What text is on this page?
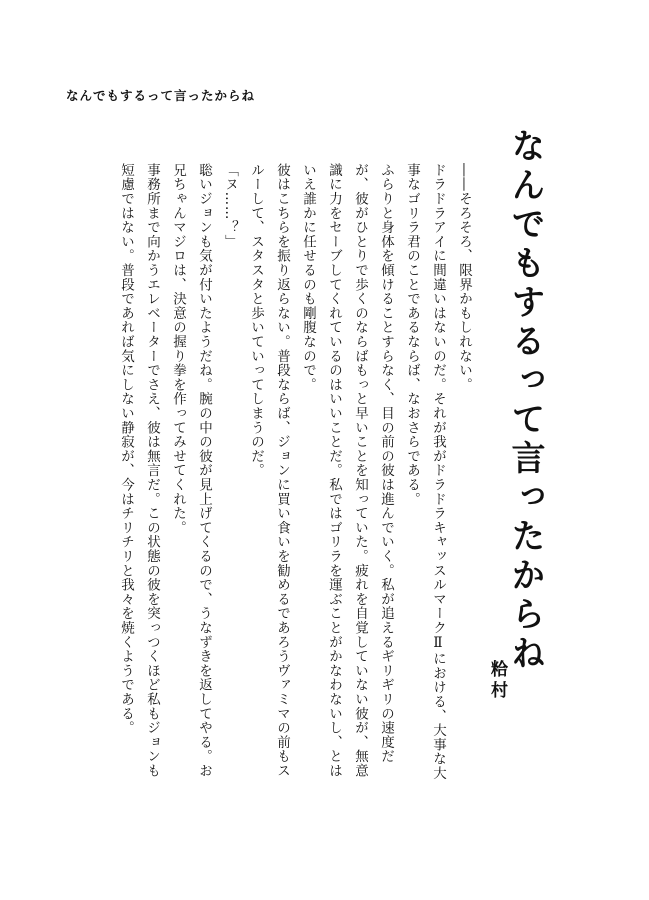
なんでもするって言ったからね
なんでもするって言ったからね
粭村

――そろそろ、限界かもしれない。

ドラドラアイに間違いはないのだ。それが我がドラドラキャッスルマークⅡにおける、大事な大事なゴリラ君のことであるならば、なおさらである。

ふらりと身体を傾けることすらなく、目の前の彼は進んでいく。私が追えるギリギリの速度だが、彼がひとりで歩くのならばもっと早いことを知っていた。疲れを自覚していない彼が、無意識に力をセーブしてくれているのはいいことだ。私ではゴリラを運ぶことがかなわないし、とはいえ誰かに任せるのも剛腹なので。

彼はこちらを振り返らない。普段ならば、ジョンに買い食いを勧めるであろうヴァミマの前もスルーして、スタスタと歩いていってしまうのだ。

「ヌ……？」

聡いジョンも気が付いたようだね。腕の中の彼が見上げてくるので、うなずきを返してやる。お兄ちゃんマジロは、決意の握り拳を作ってみせてくれた。

事務所まで向かうエレベーターでさえ、彼は無言だ。この状態の彼を突っつくほど私もジョンも短慮ではない。普段であれば気にしない静寂が、今はチリチリと我々を焼くようである。
